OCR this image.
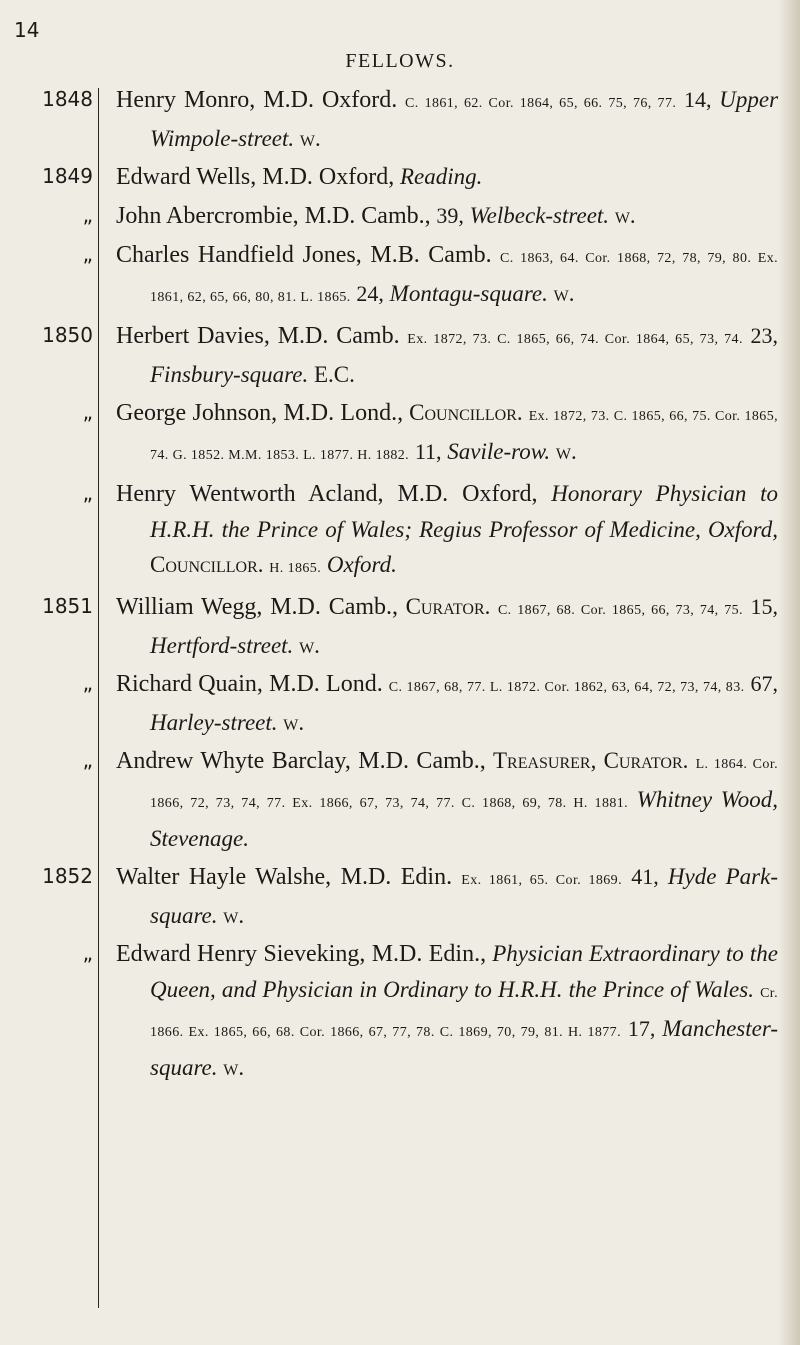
14
FELLOWS.
1848 Henry Monro, M.D. Oxford. C. 1861, 62. Cor. 1864, 65, 66. 75, 76, 77. 14, Upper Wimpole-street. w.
1849 Edward Wells, M.D. Oxford, Reading.
„ John Abercrombie, M.D. Camb., 39, Welbeck-street. w.
„ Charles Handfield Jones, M.B. Camb. C. 1863, 64. Cor. 1868, 72, 78, 79, 80. Ex. 1861, 62, 65, 66, 80, 81. L. 1865. 24, Montagu-square. w.
1850 Herbert Davies, M.D. Camb. Ex. 1872, 73. C. 1865, 66, 74. Cor. 1864, 65, 73, 74. 23, Finsbury-square. E.C.
„ George Johnson, M.D. Lond., Councillor. Ex. 1872, 73. C. 1865, 66, 75. Cor. 1865, 74. G. 1852. M.M. 1853. L. 1877. H. 1882. 11, Savile-row. w.
„ Henry Wentworth Acland, M.D. Oxford, Honorary Physician to H.R.H. the Prince of Wales; Regius Professor of Medicine, Oxford, Councillor. H. 1865. Oxford.
1851 William Wegg, M.D. Camb., Curator. C. 1867, 68. Cor. 1865, 66, 73, 74, 75. 15, Hertford-street. w.
„ Richard Quain, M.D. Lond. C. 1867, 68, 77. L. 1872. Cor. 1862, 63, 64, 72, 73, 74, 83. 67, Harley-street. w.
„ Andrew Whyte Barclay, M.D. Camb., Treasurer, Curator. L. 1864. Cor. 1866, 72, 73, 74, 77. Ex. 1866, 67, 73, 74, 77. C. 1868, 69, 78. H. 1881. Whitney Wood, Stevenage.
1852 Walter Hayle Walshe, M.D. Edin. Ex. 1861, 65. Cor. 1869. 41, Hyde Park-square. w.
„ Edward Henry Sieveking, M.D. Edin., Physician Extraordinary to the Queen, and Physician in Ordinary to H.R.H. the Prince of Wales. Cr. 1866. Ex. 1865, 66, 68. Cor. 1866, 67, 77, 78. C. 1869, 70, 79, 81. H. 1877. 17, Manchester-square. w.
